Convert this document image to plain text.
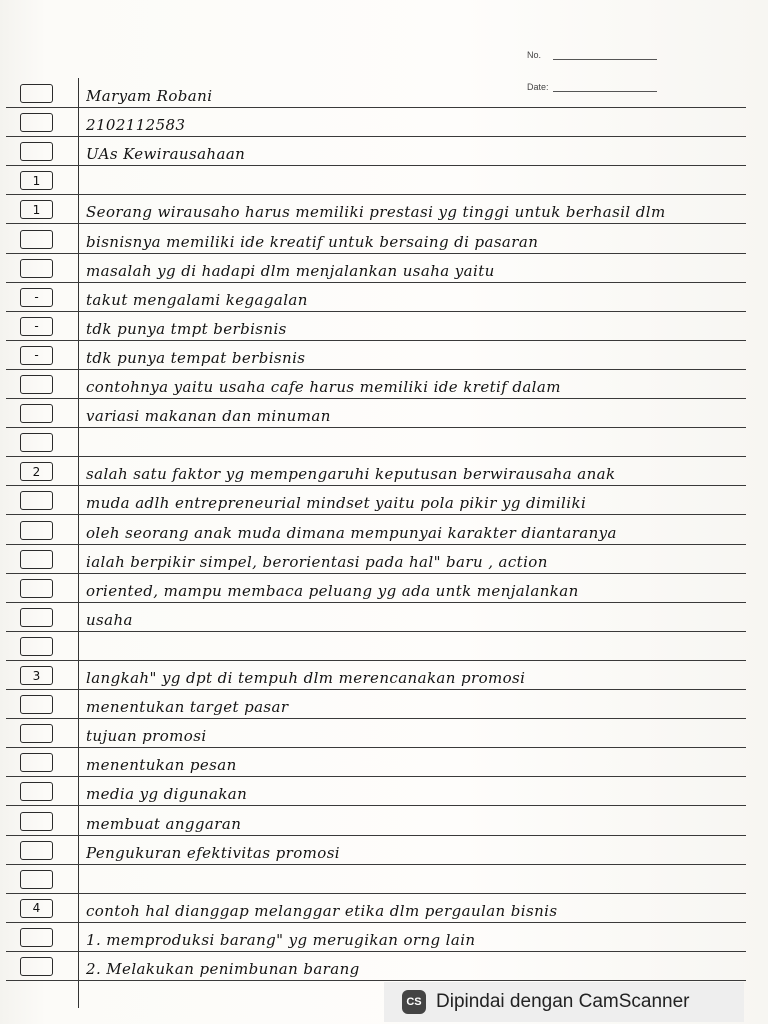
No.
Date:
Maryam Robani
2102112583
UAs Kewirausahaan
1
1	Seorang wirausaho harus memiliki prestasi yg tinggi untuk berhasil dlm
bisnisnya memiliki ide kreatif untuk bersaing di pasaran
masalah yg di hadapi dlm menjalankan usaha yaitu
-	takut mengalami kegagalan
-	tdk punya tmpt berbisnis
-	tdk punya tempat berbisnis
contohnya yaitu usaha cafe harus memiliki ide kretif dalam
variasi makanan dan minuman
2	salah satu faktor yg mempengaruhi keputusan berwirausaha anak
muda adlh entrepreneurial mindset yaitu pola pikir yg dimiliki
oleh seorang anak muda dimana mempunyai karakter diantaranya
ialah berpikir simpel, berorientasi pada hal" baru , action
oriented, mampu membaca peluang yg ada untk menjalankan
usaha
3	langkah" yg dpt di tempuh dlm merencanakan promosi
menentukan target pasar
tujuan promosi
menentukan pesan
media yg digunakan
membuat anggaran
Pengukuran efektivitas promosi
4	contoh hal dianggap melanggar etika dlm pergaulan bisnis
1. memproduksi barang" yg merugikan orng lain
2. Melakukan penimbunan barang
CS Dipindai dengan CamScanner
